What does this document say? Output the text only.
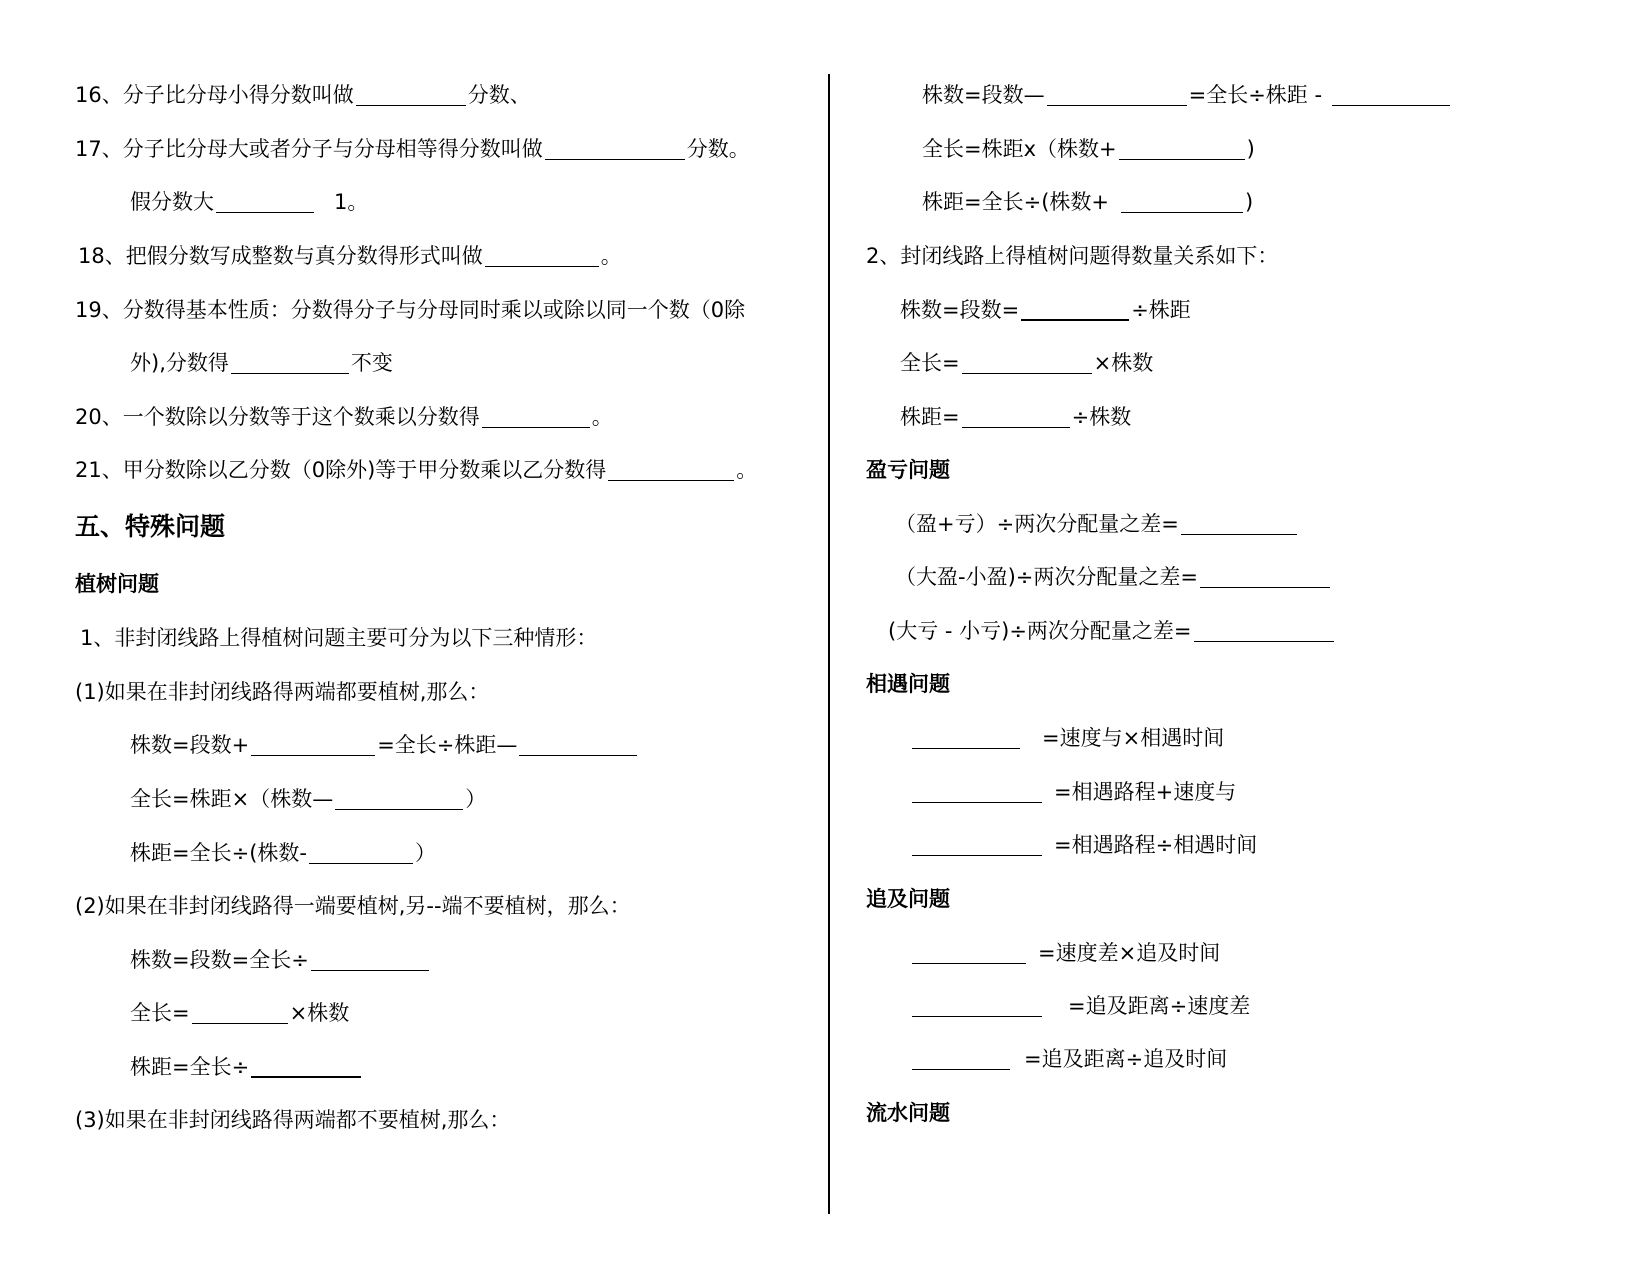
16、分子比分母小得分数叫做	分数、
17、分子比分母大或者分子与分母相等得分数叫做	分数。
假分数大	1。
18、把假分数写成整数与真分数得形式叫做	。
19、分数得基本性质：分数得分子与分母同时乘以或除以同一个数（0除
外),分数得	不变
20、一个数除以分数等于这个数乘以分数得	。
21、甲分数除以乙分数（0除外)等于甲分数乘以乙分数得	。
五、特殊问题
植树问题
1、非封闭线路上得植树问题主要可分为以下三种情形：
(1)如果在非封闭线路得两端都要植树,那么：
株数=段数+	=全长÷株距—
全长=株距×（株数—	）
株距=全长÷(株数-	）
(2)如果在非封闭线路得一端要植树,另--端不要植树，那么：
株数=段数=全长÷
全长=	×株数
株距=全长÷
(3)如果在非封闭线路得两端都不要植树,那么：
株数=段数—	=全长÷株距 -
全长=株距x（株数+	)
株距=全长÷(株数+	)
2、封闭线路上得植树问题得数量关系如下：
株数=段数=	÷株距
全长=	×株数
株距=	÷株数
盈亏问题
（盈+亏）÷两次分配量之差=
（大盈-小盈)÷两次分配量之差=
(大亏 - 小亏)÷两次分配量之差=
相遇问题
=速度与×相遇时间
=相遇路程+速度与
=相遇路程÷相遇时间
追及问题
=速度差×追及时间
=追及距离÷速度差
=追及距离÷追及时间
流水问题
